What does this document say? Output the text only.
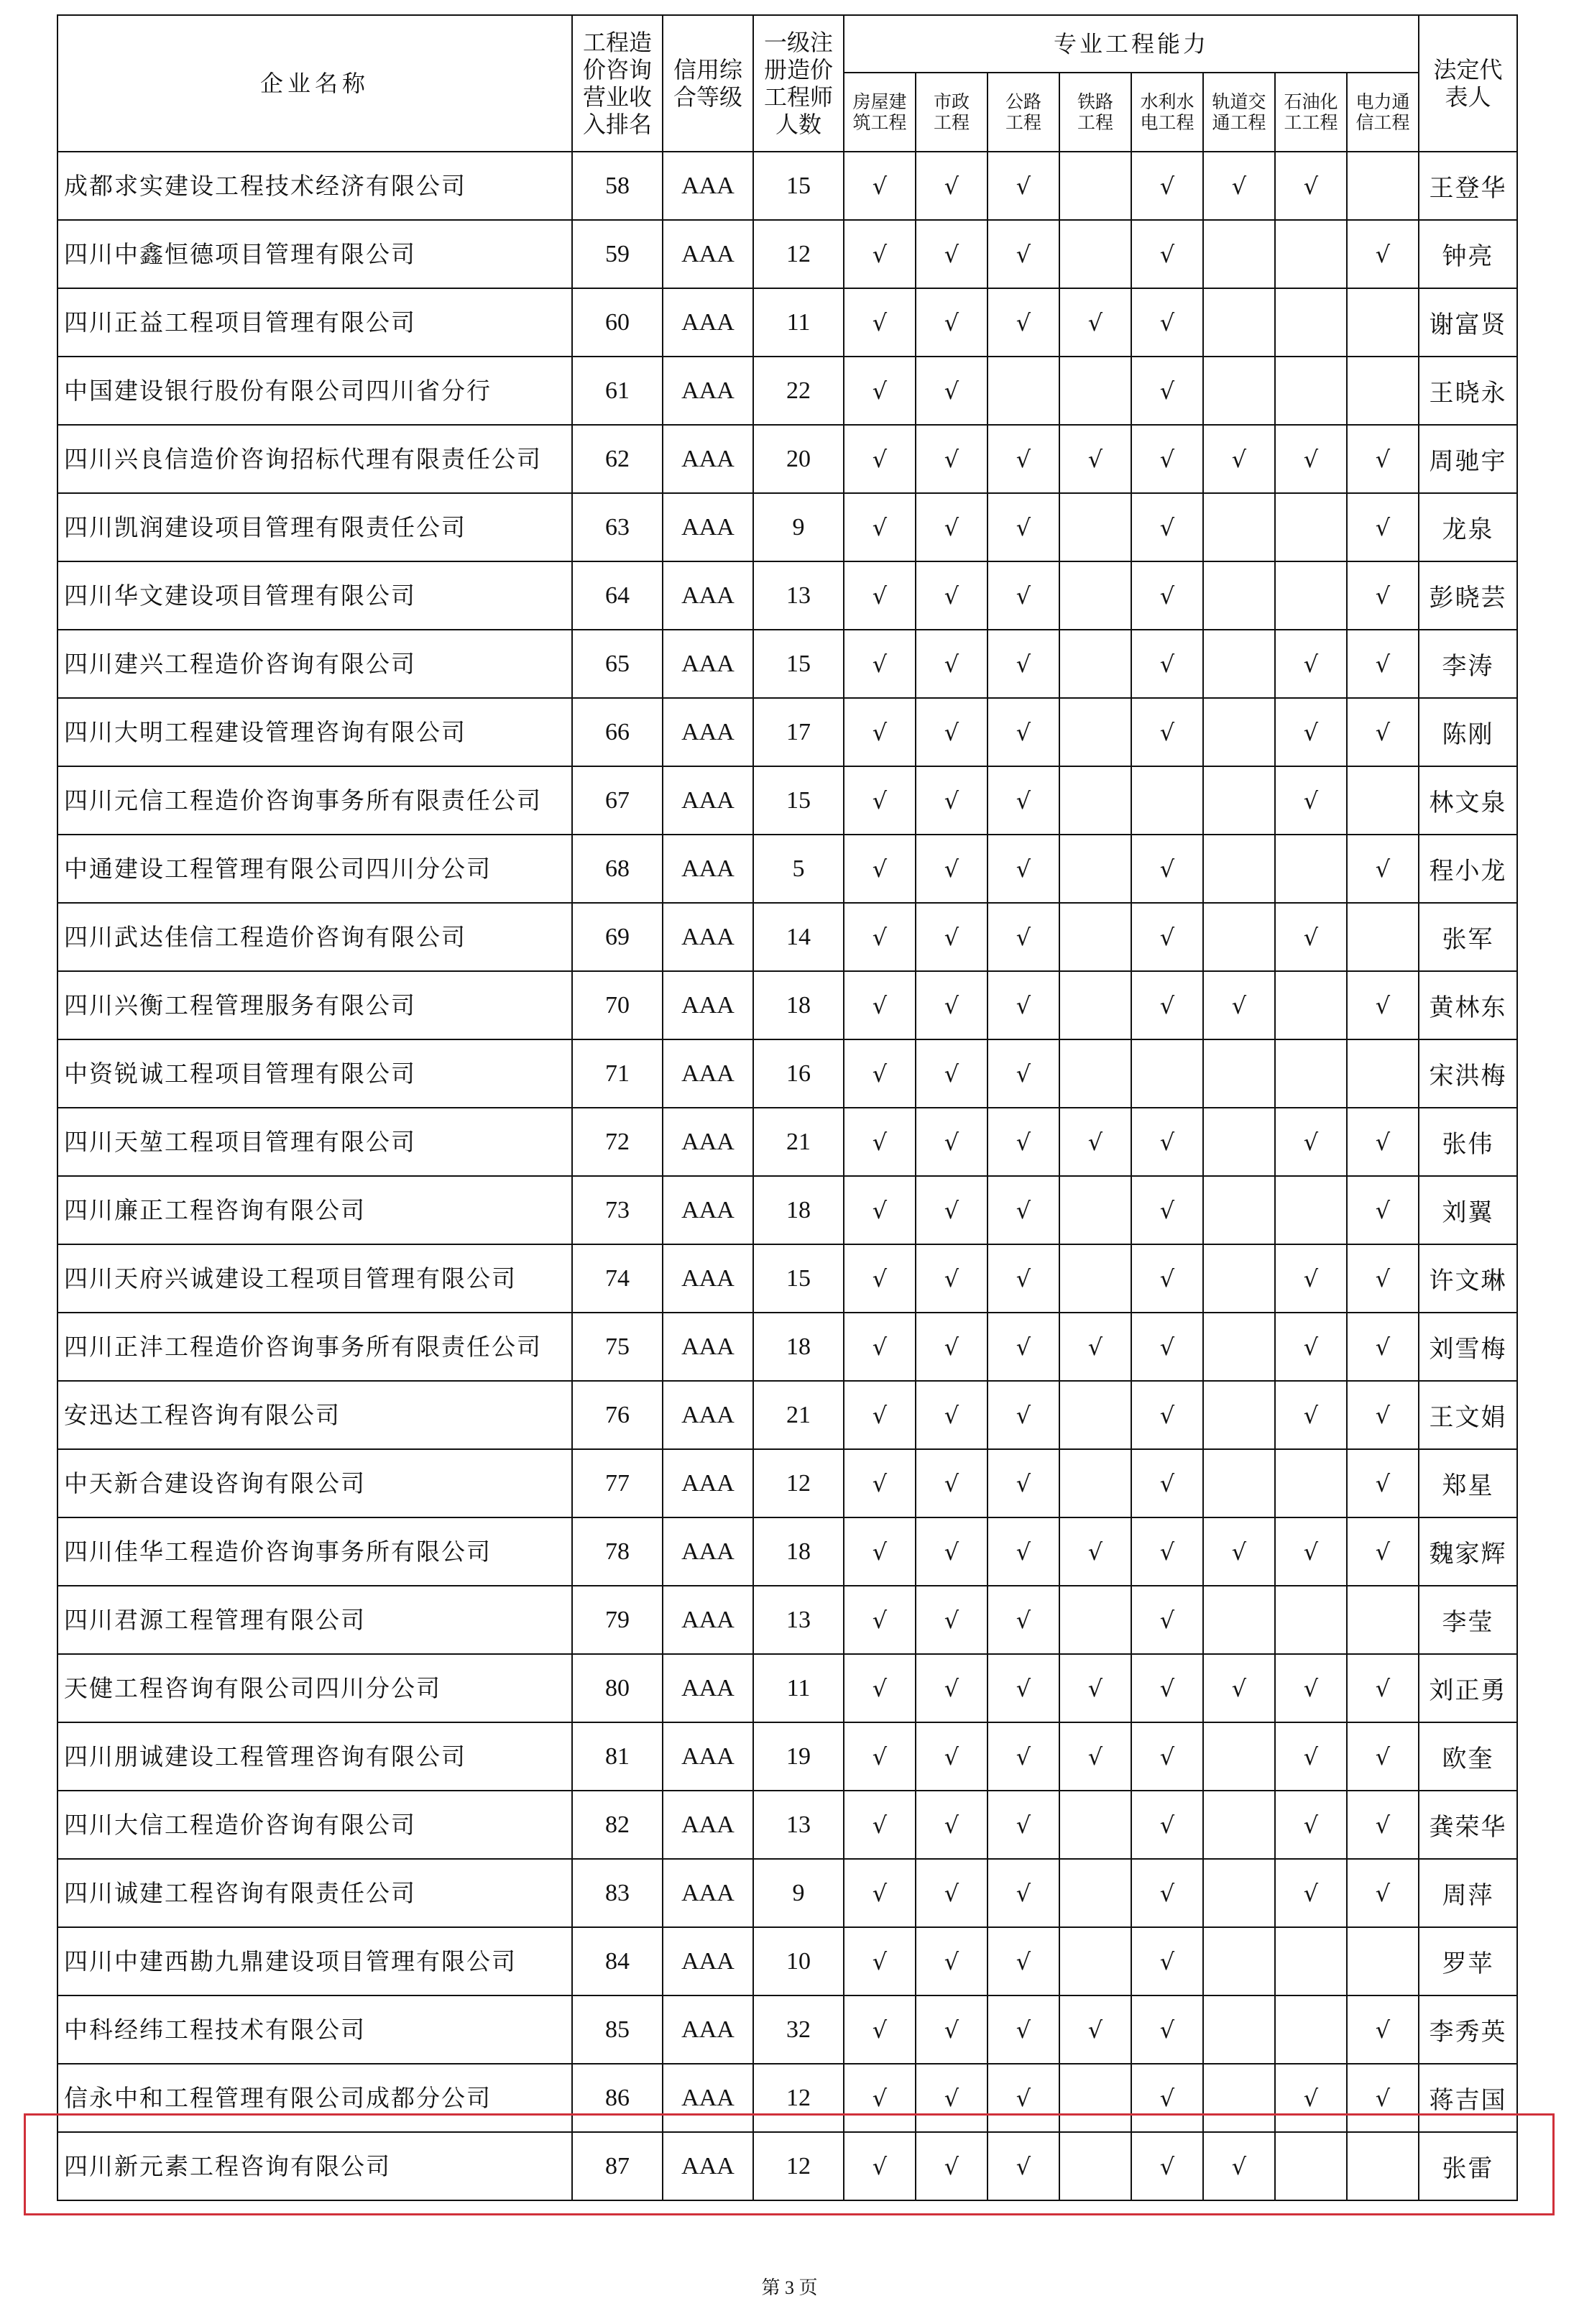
企业名称	工程造价咨询营业收入排名	信用综合等级	一级注册造价工程师人数	专业工程能力								法定代表人
				房屋建筑工程	市政工程	公路工程	铁路工程	水利水电工程	轨道交通工程	石油化工工程	电力通信工程	
成都求实建设工程技术经济有限公司	58	AAA	15	√	√	√		√	√	√		王登华
四川中鑫恒德项目管理有限公司	59	AAA	12	√	√	√		√			√	钟亮
四川正益工程项目管理有限公司	60	AAA	11	√	√	√	√	√				谢富贤
中国建设银行股份有限公司四川省分行	61	AAA	22	√	√			√				王晓永
四川兴良信造价咨询招标代理有限责任公司	62	AAA	20	√	√	√	√	√	√	√	√	周驰宇
四川凯润建设项目管理有限责任公司	63	AAA	9	√	√	√		√			√	龙泉
四川华文建设项目管理有限公司	64	AAA	13	√	√	√		√			√	彭晓芸
四川建兴工程造价咨询有限公司	65	AAA	15	√	√	√		√		√	√	李涛
四川大明工程建设管理咨询有限公司	66	AAA	17	√	√	√		√		√	√	陈刚
四川元信工程造价咨询事务所有限责任公司	67	AAA	15	√	√	√				√		林文泉
中通建设工程管理有限公司四川分公司	68	AAA	5	√	√	√		√			√	程小龙
四川武达佳信工程造价咨询有限公司	69	AAA	14	√	√	√		√		√		张军
四川兴衡工程管理服务有限公司	70	AAA	18	√	√	√		√	√		√	黄林东
中资锐诚工程项目管理有限公司	71	AAA	16	√	√	√						宋洪梅
四川天堃工程项目管理有限公司	72	AAA	21	√	√	√	√	√		√	√	张伟
四川廉正工程咨询有限公司	73	AAA	18	√	√	√		√			√	刘翼
四川天府兴诚建设工程项目管理有限公司	74	AAA	15	√	√	√		√		√	√	许文琳
四川正沣工程造价咨询事务所有限责任公司	75	AAA	18	√	√	√	√	√		√	√	刘雪梅
安迅达工程咨询有限公司	76	AAA	21	√	√	√		√		√	√	王文娟
中天新合建设咨询有限公司	77	AAA	12	√	√	√		√			√	郑星
四川佳华工程造价咨询事务所有限公司	78	AAA	18	√	√	√	√	√	√	√	√	魏家辉
四川君源工程管理有限公司	79	AAA	13	√	√	√		√				李莹
天健工程咨询有限公司四川分公司	80	AAA	11	√	√	√	√	√	√	√	√	刘正勇
四川朋诚建设工程管理咨询有限公司	81	AAA	19	√	√	√	√	√		√	√	欧奎
四川大信工程造价咨询有限公司	82	AAA	13	√	√	√		√		√	√	龚荣华
四川诚建工程咨询有限责任公司	83	AAA	9	√	√	√		√		√	√	周萍
四川中建西勘九鼎建设项目管理有限公司	84	AAA	10	√	√	√		√				罗苹
中科经纬工程技术有限公司	85	AAA	32	√	√	√	√	√			√	李秀英
信永中和工程管理有限公司成都分公司	86	AAA	12	√	√	√		√		√	√	蒋吉国
四川新元素工程咨询有限公司	87	AAA	12	√	√	√		√	√			张雷
第 3 页
